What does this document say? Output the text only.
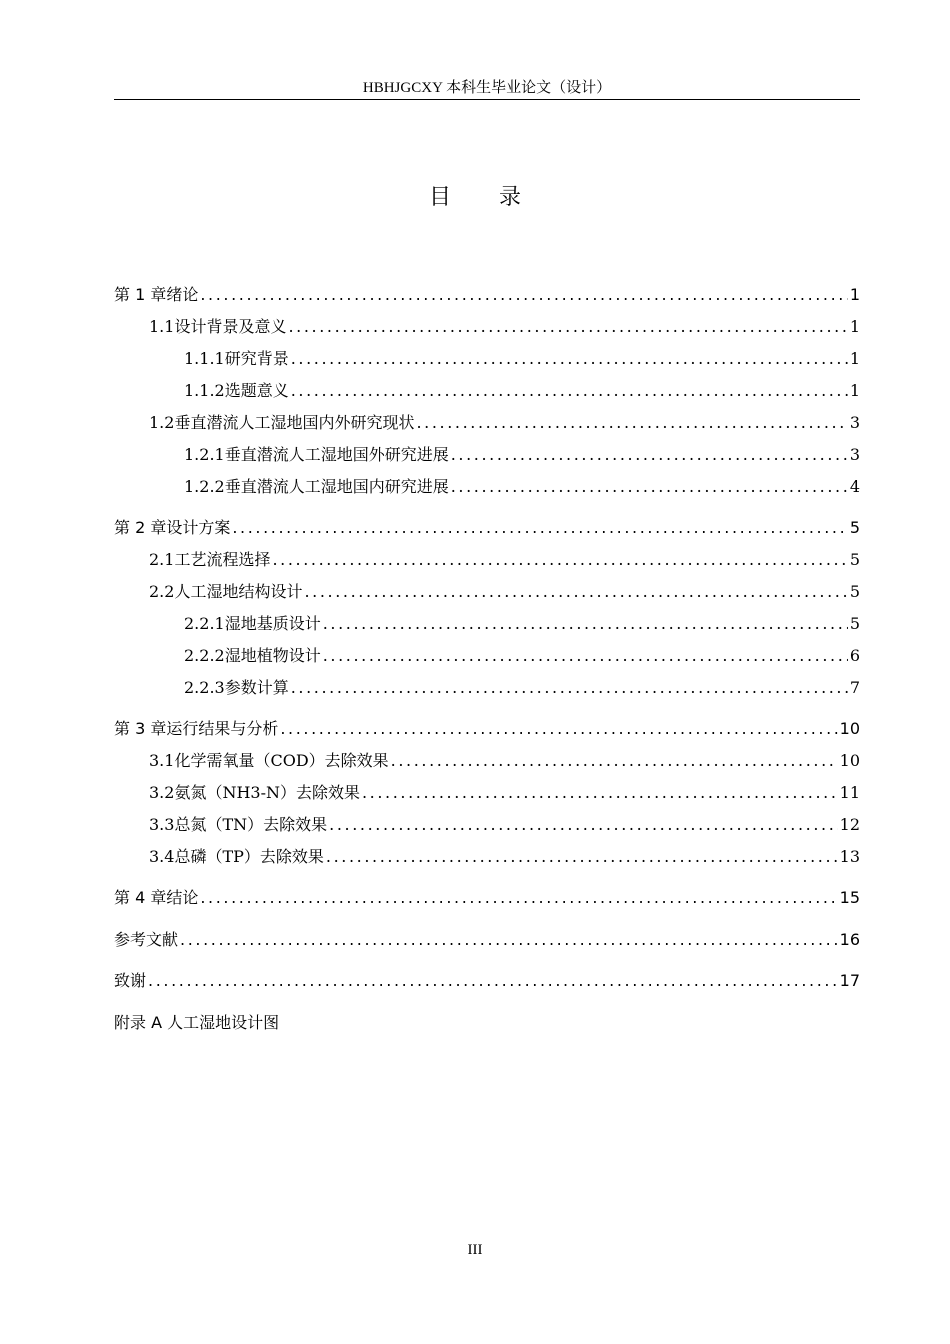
HBHJGCXY 本科生毕业论文（设计）
目录
第 1 章 绪论 .....	1
1.1 设计背景及意义 .....	1
1.1.1 研究背景 .....	1
1.1.2 选题意义 .....	1
1.2 垂直潜流人工湿地国内外研究现状 .....	3
1.2.1 垂直潜流人工湿地国外研究进展 .....	3
1.2.2 垂直潜流人工湿地国内研究进展 .....	4
第 2 章 设计方案 .....	5
2.1 工艺流程选择 .....	5
2.2 人工湿地结构设计 .....	5
2.2.1 湿地基质设计 .....	5
2.2.2 湿地植物设计 .....	6
2.2.3 参数计算 .....	7
第 3 章 运行结果与分析 .....	10
3.1 化学需氧量（COD）去除效果 .....	10
3.2 氨氮（NH3-N）去除效果 .....	11
3.3 总氮（TN）去除效果 .....	12
3.4 总磷（TP）去除效果 .....	13
第 4 章 结论 .....	15
参考文献 .....	16
致谢 .....	17
附录 A 人工湿地设计图
III
